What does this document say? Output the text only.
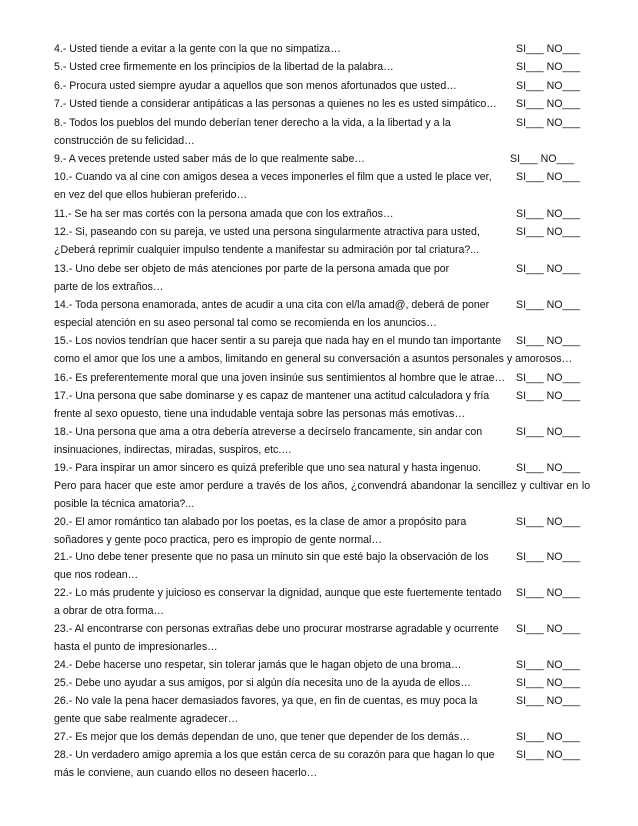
4.- Usted tiende a evitar a la gente con la que no simpatiza…	SI___ NO___
5.- Usted cree firmemente en los principios de la libertad de la palabra…	SI___ NO___
6.- Procura usted siempre ayudar a aquellos que son menos afortunados que usted…	SI___ NO___
7.- Usted tiende a considerar antipáticas a las personas a quienes no les es usted simpático… SI___ NO___
8.- Todos los pueblos del mundo deberían tener derecho a la vida, a la libertad y a la	SI___ NO___
construcción de su felicidad…
9.- A veces pretende usted saber más de lo que realmente sabe…	SI___ NO___
10.- Cuando va al cine con amigos desea a veces imponerles el film que a usted le place ver, SI___ NO___
en vez del que ellos hubieran preferido…
11.- Se ha ser mas cortés con la persona amada que con los extraños…	SI___ NO___
12.- Si, paseando con su pareja, ve usted una persona singularmente atractiva para usted,	SI___ NO___
¿Deberá reprimir cualquier impulso tendente a manifestar su admiración por tal criatura?...
13.- Uno debe ser objeto de más atenciones por parte de la persona amada que por	SI___ NO___
parte de los extraños…
14.- Toda persona enamorada, antes de acudir a una cita con el/la amad@, deberá de poner	SI___ NO___
especial atención en su aseo personal tal como se recomienda en los anuncios…
15.- Los novios tendrían que hacer sentir a su pareja que nada hay en el mundo tan importante SI___ NO___
como el amor que los une a ambos, limitando en general su conversación a asuntos personales y amorosos…
16.- Es preferentemente moral que una joven insinúe sus sentimientos al hombre que le atrae… SI___ NO___
17.- Una persona que sabe dominarse y es capaz de mantener una actitud calculadora y fría	SI___ NO___
frente al sexo opuesto, tiene una indudable ventaja sobre las personas más emotivas…
18.- Una persona que ama a otra debería atreverse a decírselo francamente, sin andar con	SI___ NO___
insinuaciones, indirectas, miradas, suspiros, etc.…
19.- Para inspirar un amor sincero es quizá preferible que uno sea natural y hasta ingenuo.	SI___ NO___
Pero para hacer que este amor perdure a través de los años, ¿convendrá abandonar la sencillez y cultivar en lo
posible la técnica amatoria?...
20.- El amor romántico tan alabado por los poetas, es la clase de amor a propósito para	SI___ NO___
soñadores y gente poco practica, pero es impropio de gente normal…
21.- Uno debe tener presente que no pasa un minuto sin que esté bajo la observación de los	SI___ NO___
que nos rodean…
22.- Lo más prudente y juicioso es conservar la dignidad, aunque que este fuertemente tentado SI___ NO___
a obrar de otra forma…
23.- Al encontrarse con personas extrañas debe uno procurar mostrarse agradable y ocurrente SI___ NO___
hasta el punto de impresionarles…
24.- Debe hacerse uno respetar, sin tolerar jamás que le hagan objeto de una broma…	SI___ NO___
25.- Debe uno ayudar a sus amigos, por si algún día necesita uno de la ayuda de ellos…	SI___ NO___
26.- No vale la pena hacer demasiados favores, ya que, en fin de cuentas, es muy poca la	SI___ NO___
gente que sabe realmente agradecer…
27.- Es mejor que los demás dependan de uno, que tener que depender de los demás…	SI___ NO___
28.- Un verdadero amigo apremia a los que están cerca de su corazón para que hagan lo que SI___ NO___
más le conviene, aun cuando ellos no deseen hacerlo…
